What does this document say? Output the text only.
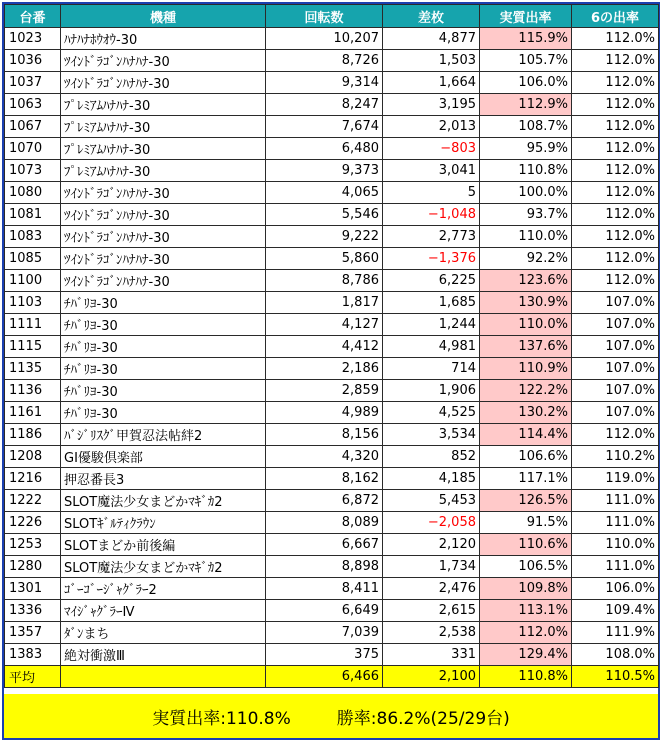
台番	機種	回転数	差枚	実質出率	6の出率
1023	ﾊﾅﾊﾅﾎｳｵｳ-30	10,207	4,877	115.9%	112.0%
1036	ﾂｲﾝﾄﾞﾗｺﾞﾝﾊﾅﾊﾅ-30	8,726	1,503	105.7%	112.0%
1037	ﾂｲﾝﾄﾞﾗｺﾞﾝﾊﾅﾊﾅ-30	9,314	1,664	106.0%	112.0%
1063	ﾌﾟﾚﾐｱﾑﾊﾅﾊﾅ-30	8,247	3,195	112.9%	112.0%
1067	ﾌﾟﾚﾐｱﾑﾊﾅﾊﾅ-30	7,674	2,013	108.7%	112.0%
1070	ﾌﾟﾚﾐｱﾑﾊﾅﾊﾅ-30	6,480	−803	95.9%	112.0%
1073	ﾌﾟﾚﾐｱﾑﾊﾅﾊﾅ-30	9,373	3,041	110.8%	112.0%
1080	ﾂｲﾝﾄﾞﾗｺﾞﾝﾊﾅﾊﾅ-30	4,065	5	100.0%	112.0%
1081	ﾂｲﾝﾄﾞﾗｺﾞﾝﾊﾅﾊﾅ-30	5,546	−1,048	93.7%	112.0%
1083	ﾂｲﾝﾄﾞﾗｺﾞﾝﾊﾅﾊﾅ-30	9,222	2,773	110.0%	112.0%
1085	ﾂｲﾝﾄﾞﾗｺﾞﾝﾊﾅﾊﾅ-30	5,860	−1,376	92.2%	112.0%
1100	ﾂｲﾝﾄﾞﾗｺﾞﾝﾊﾅﾊﾅ-30	8,786	6,225	123.6%	112.0%
1103	ﾁﾊﾞﾘﾖ-30	1,817	1,685	130.9%	107.0%
1111	ﾁﾊﾞﾘﾖ-30	4,127	1,244	110.0%	107.0%
1115	ﾁﾊﾞﾘﾖ-30	4,412	4,981	137.6%	107.0%
1135	ﾁﾊﾞﾘﾖ-30	2,186	714	110.9%	107.0%
1136	ﾁﾊﾞﾘﾖ-30	2,859	1,906	122.2%	107.0%
1161	ﾁﾊﾞﾘﾖ-30	4,989	4,525	130.2%	107.0%
1186	ﾊﾞｼﾞﾘｽｸﾞ甲賀忍法帖絆2	8,156	3,534	114.4%	112.0%
1208	GI優駿倶楽部	4,320	852	106.6%	110.2%
1216	押忍番長3	8,162	4,185	117.1%	119.0%
1222	SLOT魔法少女まどかﾏｷﾞｶ2	6,872	5,453	126.5%	111.0%
1226	SLOTｷﾞﾙﾃｨｸﾗｳﾝ	8,089	−2,058	91.5%	111.0%
1253	SLOTまどか前後編	6,667	2,120	110.6%	110.0%
1280	SLOT魔法少女まどかﾏｷﾞｶ2	8,898	1,734	106.5%	111.0%
1301	ｺﾞｰｺﾞｰｼﾞｬｸﾞﾗｰ2	8,411	2,476	109.8%	106.0%
1336	ﾏｲｼﾞｬｸﾞﾗｰⅣ	6,649	2,615	113.1%	109.4%
1357	ﾀﾞﾝまち	7,039	2,538	112.0%	111.9%
1383	絶対衝激Ⅲ	375	331	129.4%	108.0%
平均		6,466	2,100	110.8%	110.5%
実質出率:110.8%	勝率:86.2%(25/29台)
